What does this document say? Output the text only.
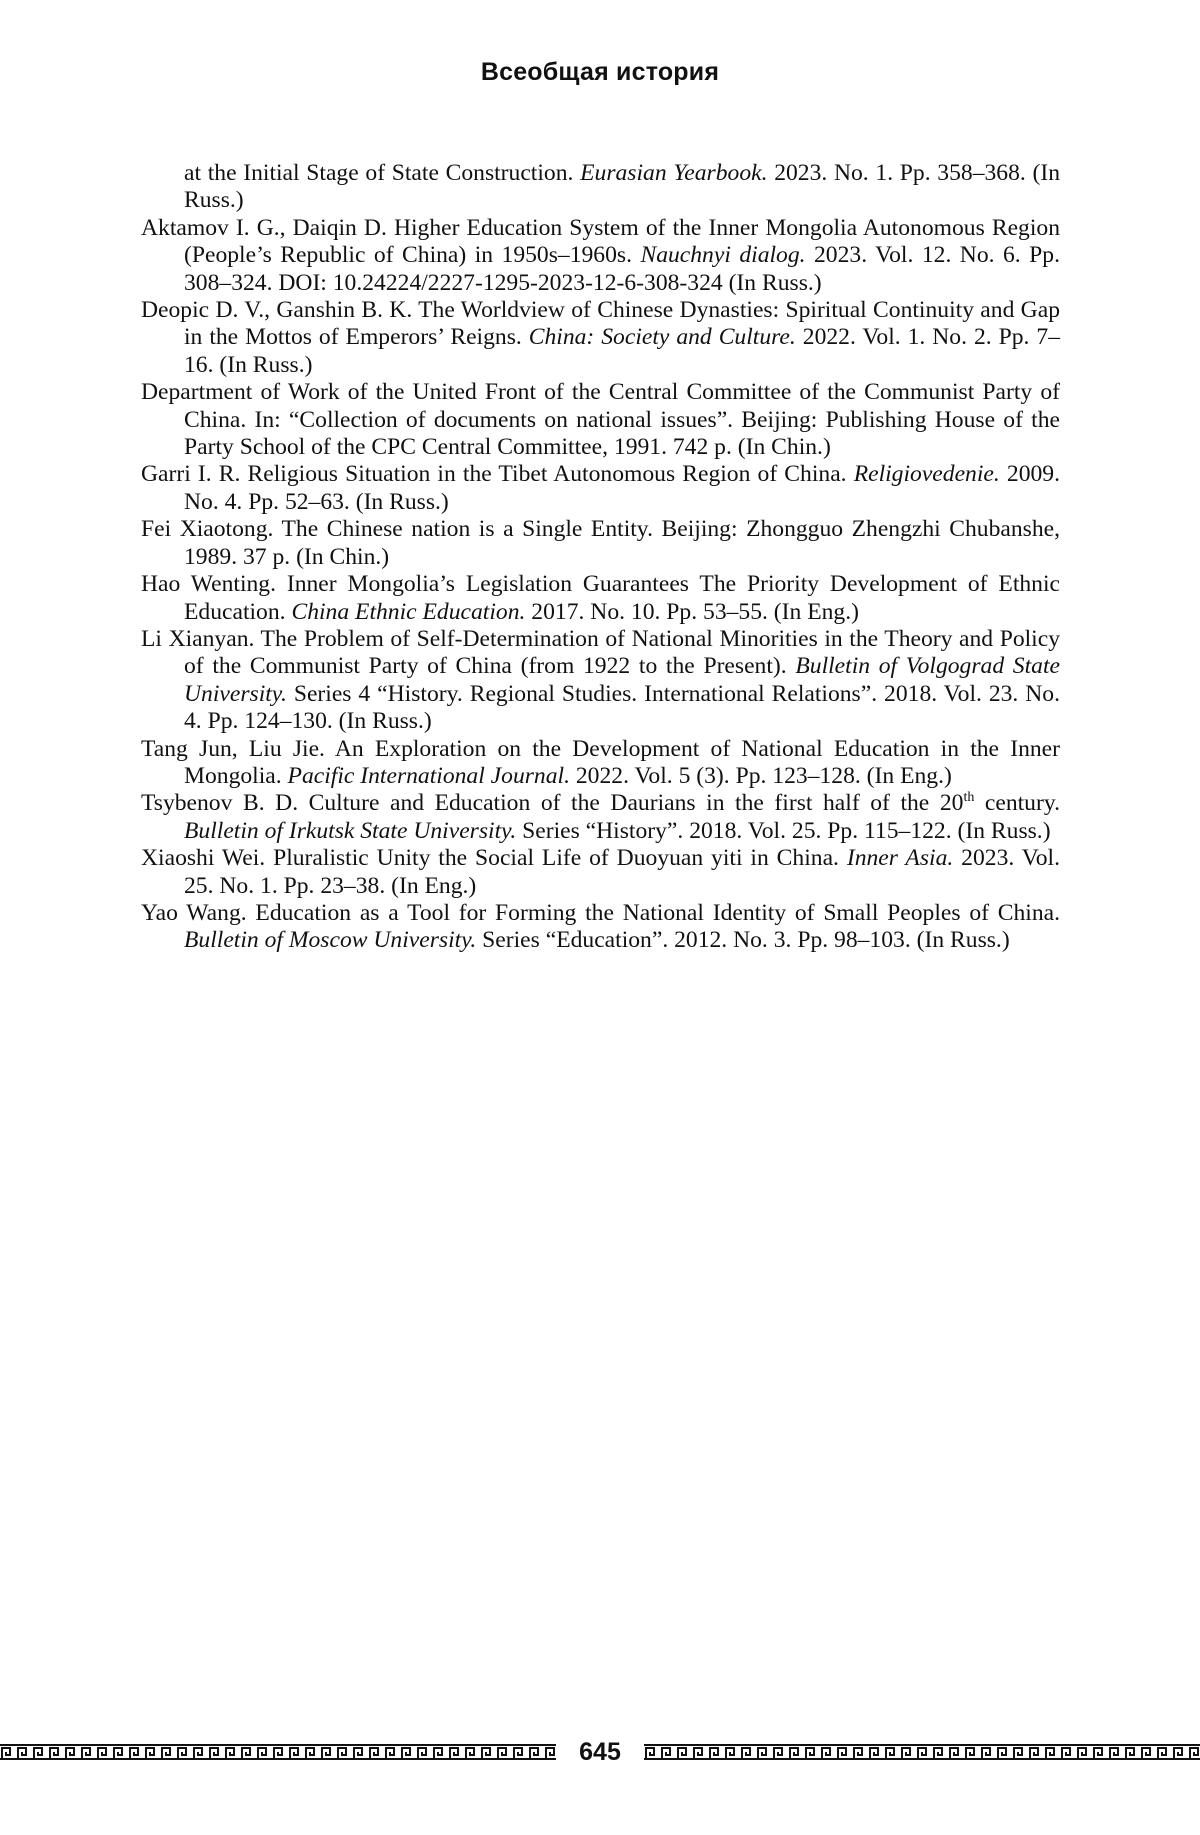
Всеобщая история

at the Initial Stage of State Construction. Eurasian Yearbook. 2023. No. 1. Pp. 358–368. (In Russ.)

Aktamov I. G., Daiqin D. Higher Education System of the Inner Mongolia Autonomous Region (People’s Republic of China) in 1950s–1960s. Nauchnyi dialog. 2023. Vol. 12. No. 6. Pp. 308–324. DOI: 10.24224/2227-1295-2023-12-6-308-324 (In Russ.)

Deopic D. V., Ganshin B. K. The Worldview of Chinese Dynasties: Spiritual Continuity and Gap in the Mottos of Emperors’ Reigns. China: Society and Culture. 2022. Vol. 1. No. 2. Pp. 7–16. (In Russ.)

Department of Work of the United Front of the Central Committee of the Communist Party of China. In: “Collection of documents on national issues”. Beijing: Publishing House of the Party School of the CPC Central Committee, 1991. 742 p. (In Chin.)

Garri I. R. Religious Situation in the Tibet Autonomous Region of China. Religiovedenie. 2009. No. 4. Pp. 52–63. (In Russ.)

Fei Xiaotong. The Chinese nation is a Single Entity. Beijing: Zhongguo Zhengzhi Chubanshe, 1989. 37 p. (In Chin.)

Hao Wenting. Inner Mongolia’s Legislation Guarantees The Priority Development of Ethnic Education. China Ethnic Education. 2017. No. 10. Pp. 53–55. (In Eng.)

Li Xianyan. The Problem of Self-Determination of National Minorities in the Theory and Policy of the Communist Party of China (from 1922 to the Present). Bulletin of Volgograd State University. Series 4 “History. Regional Studies. International Relations”. 2018. Vol. 23. No. 4. Pp. 124–130. (In Russ.)

Tang Jun, Liu Jie. An Exploration on the Development of National Education in the Inner Mongolia. Pacific International Journal. 2022. Vol. 5 (3). Pp. 123–128. (In Eng.)

Tsybenov B. D. Culture and Education of the Daurians in the first half of the 20th century. Bulletin of Irkutsk State University. Series “History”. 2018. Vol. 25. Pp. 115–122. (In Russ.)

Xiaoshi Wei. Pluralistic Unity the Social Life of Duoyuan yiti in China. Inner Asia. 2023. Vol. 25. No. 1. Pp. 23–38. (In Eng.)

Yao Wang. Education as a Tool for Forming the National Identity of Small Peoples of China. Bulletin of Moscow University. Series “Education”. 2012. No. 3. Pp. 98–103. (In Russ.)

645
